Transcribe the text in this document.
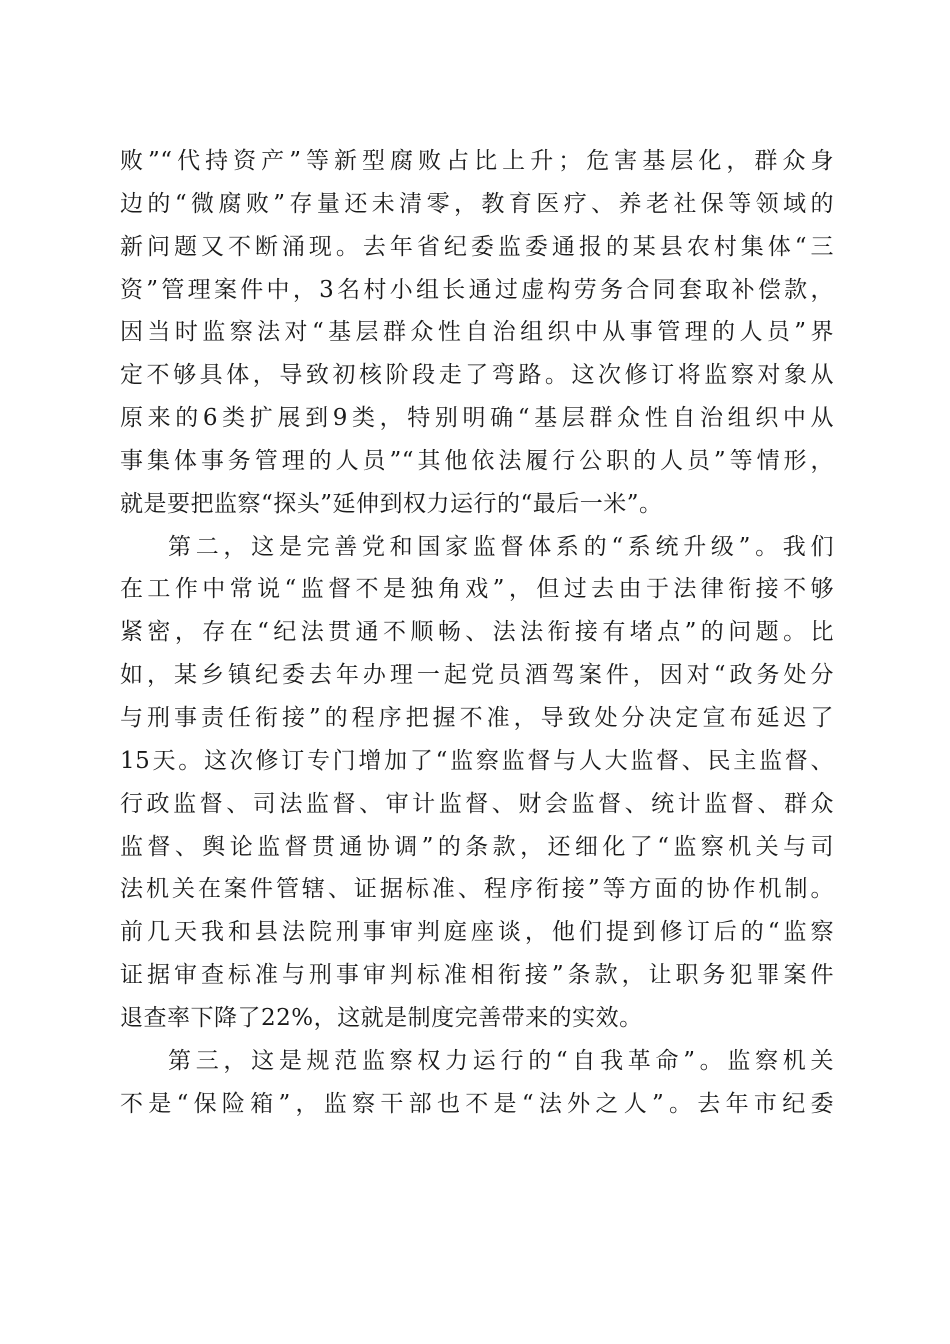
败”“代持资产”等新型腐败占比上升；危害基层化，群众身
边的“微腐败”存量还未清零，教育医疗、养老社保等领域的
新问题又不断涌现。去年省纪委监委通报的某县农村集体“三
资”管理案件中，3名村小组长通过虚构劳务合同套取补偿款，
因当时监察法对“基层群众性自治组织中从事管理的人员”界
定不够具体，导致初核阶段走了弯路。这次修订将监察对象从
原来的6类扩展到9类，特别明确“基层群众性自治组织中从
事集体事务管理的人员”“其他依法履行公职的人员”等情形，
就是要把监察“探头”延伸到权力运行的“最后一米”。
第二，这是完善党和国家监督体系的“系统升级”。我们
在工作中常说“监督不是独角戏”，但过去由于法律衔接不够
紧密，存在“纪法贯通不顺畅、法法衔接有堵点”的问题。比
如，某乡镇纪委去年办理一起党员酒驾案件，因对“政务处分
与刑事责任衔接”的程序把握不准，导致处分决定宣布延迟了
15天。这次修订专门增加了“监察监督与人大监督、民主监督、
行政监督、司法监督、审计监督、财会监督、统计监督、群众
监督、舆论监督贯通协调”的条款，还细化了“监察机关与司
法机关在案件管辖、证据标准、程序衔接”等方面的协作机制。
前几天我和县法院刑事审判庭座谈，他们提到修订后的“监察
证据审查标准与刑事审判标准相衔接”条款，让职务犯罪案件
退查率下降了22%，这就是制度完善带来的实效。
第三，这是规范监察权力运行的“自我革命”。监察机关
不是“保险箱”，监察干部也不是“法外之人”。去年市纪委
